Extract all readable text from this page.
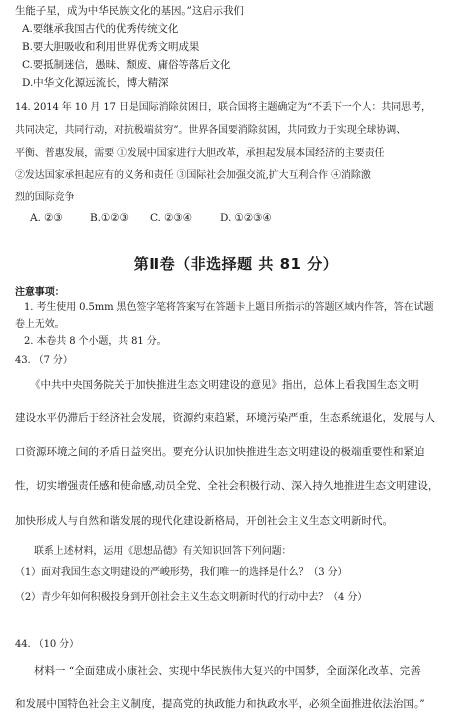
生能子星，成为中华民族文化的基因。”这启示我们
A.要继承我国古代的优秀传统文化
B.要大胆吸收和利用世界优秀文明成果
C.要抵制迷信，愚昧、颓废、庸俗等落后文化
D.中华文化源远流长，博大精深
14. 2014 年 10 月 17 日是国际消除贫困日，联合国将主题确定为“不丢下一个人：共同思考，
共同决定，共同行动，对抗极端贫穷”。世界各国要消除贫困，共同致力于实现全球协调、
平衡、普惠发展，需要 ①发展中国家进行大胆改革，承担起发展本国经济的主要责任
②发达国家承担起应有的义务和责任 ③国际社会加强交流,扩大互利合作 ④消除激
烈的国际竞争
A. ②③	B.①②③ C. ②③④	D. ①②③④
第Ⅱ卷（非选择题 共 81 分）
注意事项：
1. 考生使用 0.5mm 黑色签字笔将答案写在答题卡上题目所指示的答题区域内作答，答在试题
卷上无效。
2. 本卷共 8 个小题，共 81 分。
43. （7 分）
《中共中央国务院关于加快推进生态文明建设的意见》指出，总体上看我国生态文明
建设水平仍滞后于经济社会发展，资源约束趋紧，环境污染严重，生态系统退化，发展与人
口资源环境之间的矛盾日益突出。要充分认识加快推进生态文明建设的极端重要性和紧迫
性，切实增强责任感和使命感,动员全党、全社会积极行动、深入持久地推进生态文明建设，
加快形成人与自然和谐发展的现代化建设新格局，开创社会主义生态文明新时代。
联系上述材料，运用《思想品德》有关知识回答下列问题：
（1）面对我国生态文明建设的严峻形势，我们唯一的选择是什么？（3 分）
（2）青少年如何积极投身到开创社会主义生态文明新时代的行动中去？（4 分）
44. （10 分）
材料一 “全面建成小康社会、实现中华民族伟大复兴的中国梦，全面深化改革、完善
和发展中国特色社会主义制度，提高党的执政能力和执政水平，必须全面推进依法治国。”
